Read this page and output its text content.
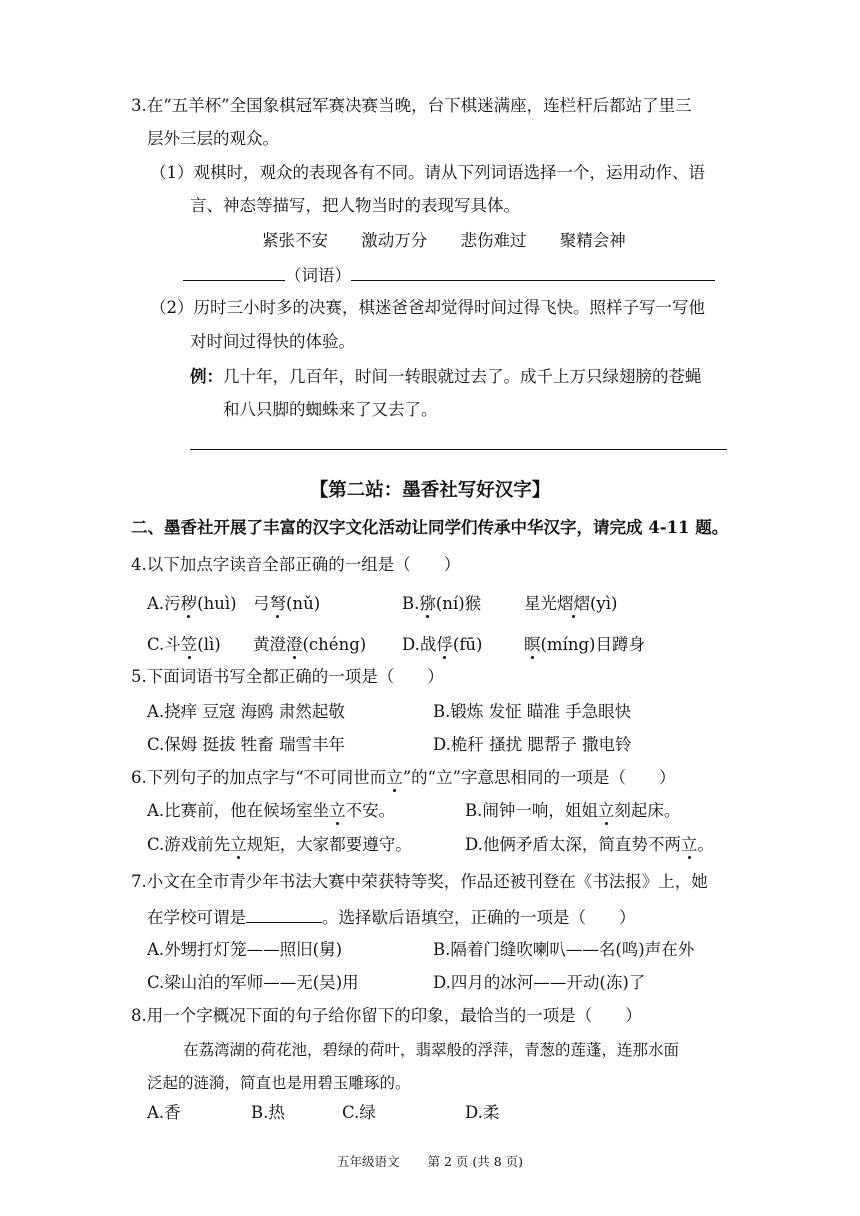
3.在“五羊杯”全国象棋冠军赛决赛当晚，台下棋迷满座，连栏杆后都站了里三
层外三层的观众。
（1）观棋时，观众的表现各有不同。请从下列词语选择一个，运用动作、语
言、神态等描写，把人物当时的表现写具体。
紧张不安 激动万分 悲伤难过 聚精会神
（词语）
（2）历时三小时多的决赛，棋迷爸爸却觉得时间过得飞快。照样子写一写他
对时间过得快的体验。
例：几十年，几百年，时间一转眼就过去了。成千上万只绿翅膀的苍蝇
和八只脚的蜘蛛来了又去了。
【第二站：墨香社写好汉字】
二、墨香社开展了丰富的汉字文化活动让同学们传承中华汉字，请完成 4-11 题。
4.以下加点字读音全部正确的一组是（　　）
A.污秽(huì) 弓弩(nǔ)	B.猕(ní)猴	星光熠熠(yì)
C.斗笠(lì) 黄澄澄(chéng) D.战俘(fū)	瞑(míng)目蹲身
5.下面词语书写全都正确的一项是（　　）
A.挠痒 豆寇 海鸥 肃然起敬	B.锻炼 发怔 瞄准 手急眼快
C.保姆 挺拔 牲畜 瑞雪丰年	D.桅秆 搔扰 腮帮子 撒电铃
6.下列句子的加点字与“不可同世而立”的“立”字意思相同的一项是（　　）
A.比赛前，他在候场室坐立不安。	B.闹钟一响，姐姐立刻起床。
C.游戏前先立规矩，大家都要遵守。	D.他俩矛盾太深，简直势不两立。
7.小文在全市青少年书法大赛中荣获特等奖，作品还被刊登在《书法报》上，她
在学校可谓是	。选择歇后语填空，正确的一项是（　　）
A.外甥打灯笼——照旧(舅)	B.隔着门缝吹喇叭——名(鸣)声在外
C.梁山泊的军师——无(吴)用	D.四月的冰河——开动(冻)了
8.用一个字概况下面的句子给你留下的印象，最恰当的一项是（　　）
在荔湾湖的荷花池，碧绿的荷叶，翡翠般的浮萍，青葱的莲蓬，连那水面
泛起的涟漪，简直也是用碧玉雕琢的。
A.香	B.热	C.绿	D.柔
五年级语文 第 2 页 (共 8 页)
